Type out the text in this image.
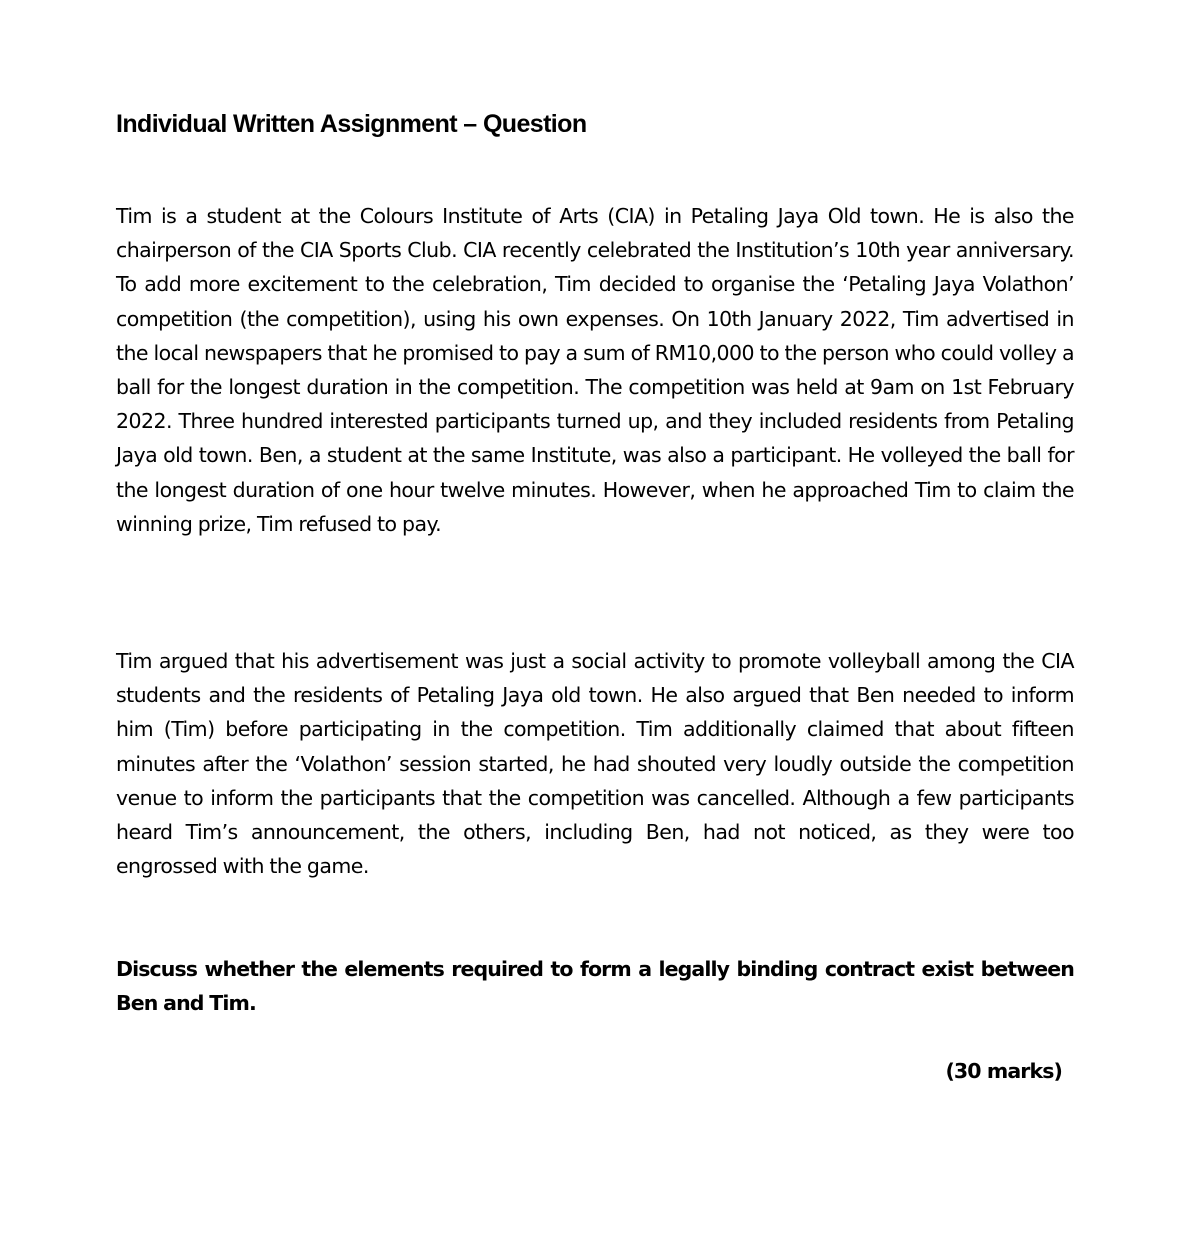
Individual Written Assignment – Question

Tim is a student at the Colours Institute of Arts (CIA) in Petaling Jaya Old town. He is also the chairperson of the CIA Sports Club. CIA recently celebrated the Institution’s 10th year anniversary. To add more excitement to the celebration, Tim decided to organise the ‘Petaling Jaya Volathon’ competition (the competition), using his own expenses. On 10th January 2022, Tim advertised in the local newspapers that he promised to pay a sum of RM10,000 to the person who could volley a ball for the longest duration in the competition. The competition was held at 9am on 1st February 2022. Three hundred interested participants turned up, and they included residents from Petaling Jaya old town. Ben, a student at the same Institute, was also a participant. He volleyed the ball for the longest duration of one hour twelve minutes. However, when he approached Tim to claim the winning prize, Tim refused to pay.

Tim argued that his advertisement was just a social activity to promote volleyball among the CIA students and the residents of Petaling Jaya old town. He also argued that Ben needed to inform him (Tim) before participating in the competition. Tim additionally claimed that about fifteen minutes after the ‘Volathon’ session started, he had shouted very loudly outside the competition venue to inform the participants that the competition was cancelled. Although a few participants heard Tim’s announcement, the others, including Ben, had not noticed, as they were too engrossed with the game.

Discuss whether the elements required to form a legally binding contract exist between Ben and Tim.

(30 marks)
